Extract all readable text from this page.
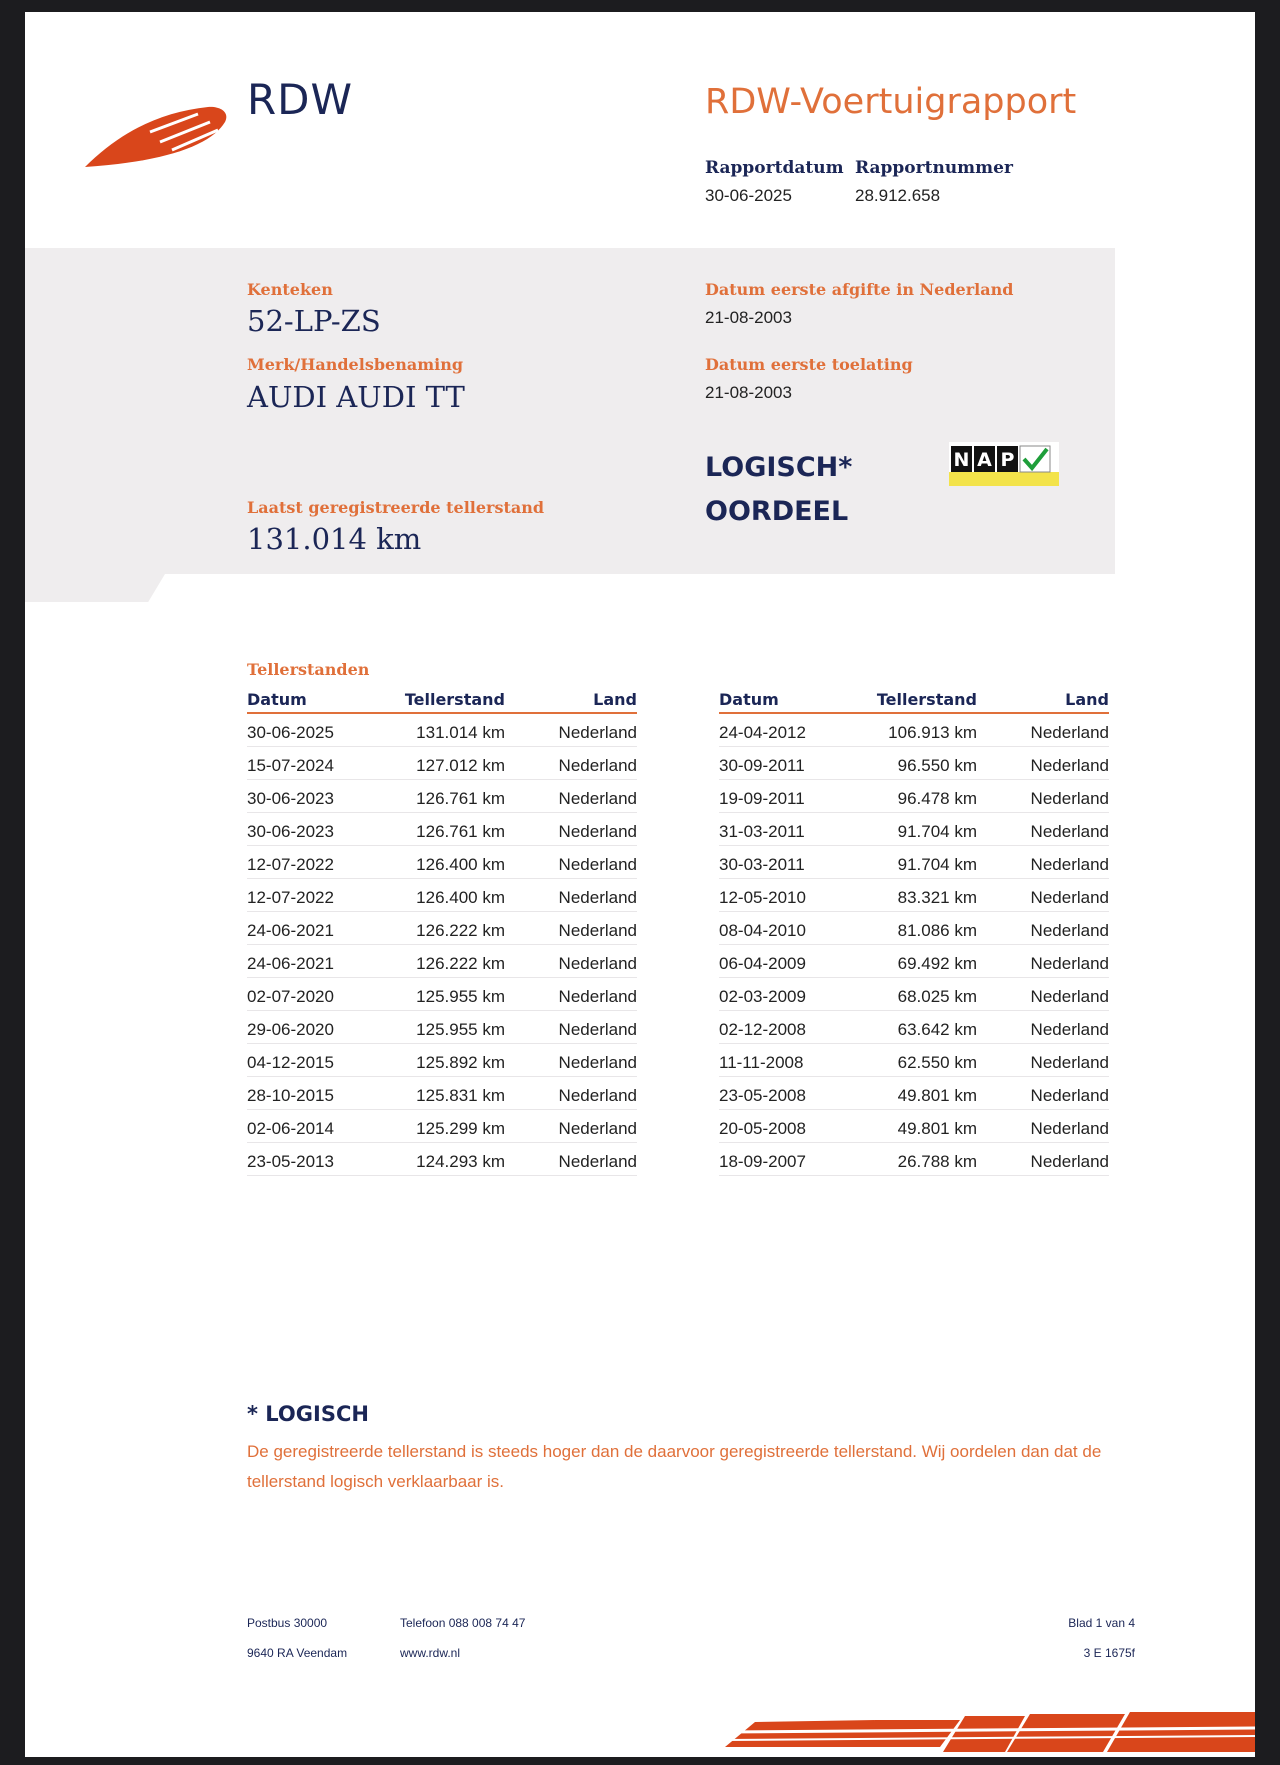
RDW	RDW-Voertuigrapport
Rapportdatum
30-06-2025
Rapportnummer
28.912.658
Kenteken
52-LP-ZS
Merk/Handelsbenaming
AUDI AUDI TT
Laatst geregistreerde tellerstand
131.014 km
Datum eerste afgifte in Nederland
21-08-2003
Datum eerste toelating
21-08-2003
LOGISCH*
OORDEEL
N A P
Tellerstanden
Datum	Tellerstand	Land
30-06-2025	131.014 km	Nederland
15-07-2024	127.012 km	Nederland
30-06-2023	126.761 km	Nederland
30-06-2023	126.761 km	Nederland
12-07-2022	126.400 km	Nederland
12-07-2022	126.400 km	Nederland
24-06-2021	126.222 km	Nederland
24-06-2021	126.222 km	Nederland
02-07-2020	125.955 km	Nederland
29-06-2020	125.955 km	Nederland
04-12-2015	125.892 km	Nederland
28-10-2015	125.831 km	Nederland
02-06-2014	125.299 km	Nederland
23-05-2013	124.293 km	Nederland
Datum	Tellerstand	Land
24-04-2012	106.913 km	Nederland
30-09-2011	96.550 km	Nederland
19-09-2011	96.478 km	Nederland
31-03-2011	91.704 km	Nederland
30-03-2011	91.704 km	Nederland
12-05-2010	83.321 km	Nederland
08-04-2010	81.086 km	Nederland
06-04-2009	69.492 km	Nederland
02-03-2009	68.025 km	Nederland
02-12-2008	63.642 km	Nederland
11-11-2008	62.550 km	Nederland
23-05-2008	49.801 km	Nederland
20-05-2008	49.801 km	Nederland
18-09-2007	26.788 km	Nederland
* LOGISCH
De geregistreerde tellerstand is steeds hoger dan de daarvoor geregistreerde tellerstand. Wij oordelen dan dat de tellerstand logisch verklaarbaar is.
Postbus 30000
9640 RA Veendam
Telefoon 088 008 74 47
www.rdw.nl
Blad 1 van 4
3 E 1675f
